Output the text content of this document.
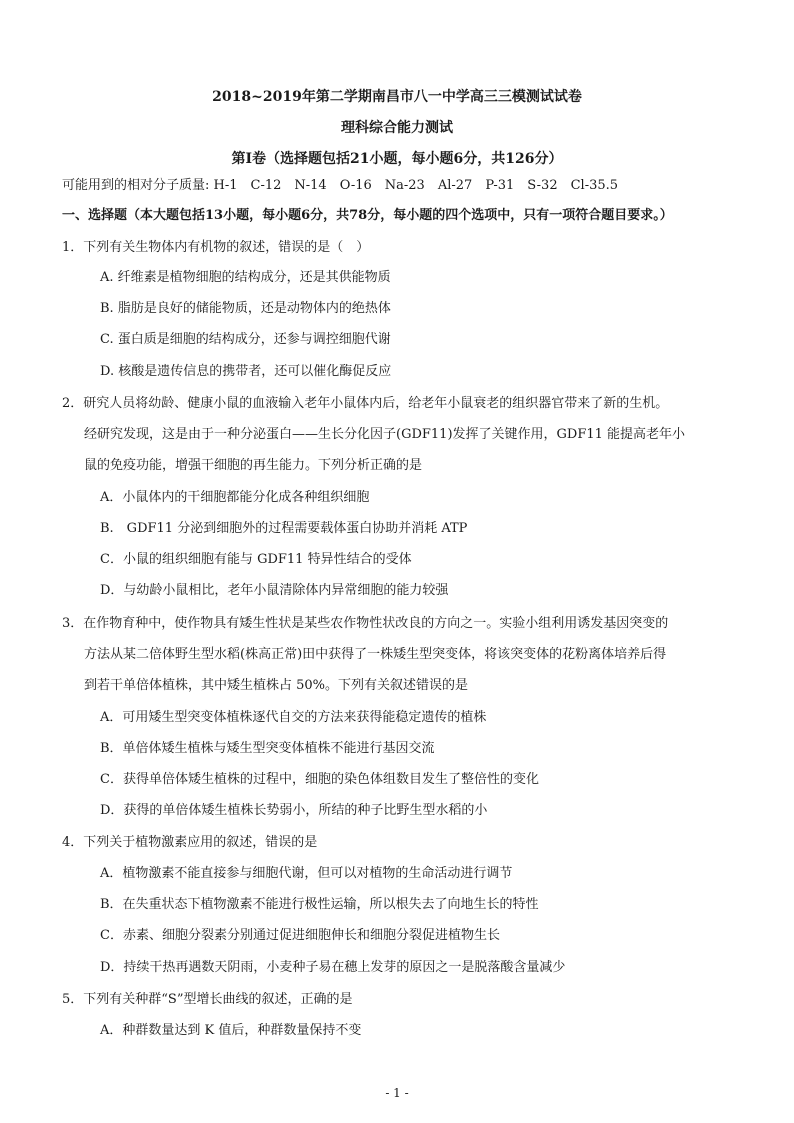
2018~2019年第二学期南昌市八一中学高三三模测试试卷
理科综合能力测试
第Ⅰ卷（选择题包括21小题，每小题6分，共126分）
可能用到的相对分子质量: H-1　C-12　N-14　O-16　Na-23　Al-27　P-31　S-32　Cl-35.5
一、选择题（本大题包括13小题，每小题6分，共78分，每小题的四个选项中，只有一项符合题目要求。）
1．下列有关生物体内有机物的叙述，错误的是（　）
A. 纤维素是植物细胞的结构成分，还是其供能物质
B. 脂肪是良好的储能物质，还是动物体内的绝热体
C. 蛋白质是细胞的结构成分，还参与调控细胞代谢
D. 核酸是遗传信息的携带者，还可以催化酶促反应
2．研究人员将幼龄、健康小鼠的血液输入老年小鼠体内后，给老年小鼠衰老的组织器官带来了新的生机。
经研究发现，这是由于一种分泌蛋白——生长分化因子(GDF11)发挥了关键作用，GDF11 能提高老年小
鼠的免疫功能，增强干细胞的再生能力。下列分析正确的是
A．小鼠体内的干细胞都能分化成各种组织细胞
B.　GDF11 分泌到细胞外的过程需要载体蛋白协助并消耗 ATP
C．小鼠的组织细胞有能与 GDF11 特异性结合的受体
D．与幼龄小鼠相比，老年小鼠清除体内异常细胞的能力较强
3．在作物育种中，使作物具有矮生性状是某些农作物性状改良的方向之一。实验小组利用诱发基因突变的
方法从某二倍体野生型水稻(株高正常)田中获得了一株矮生型突变体，将该突变体的花粉离体培养后得
到若干单倍体植株，其中矮生植株占 50%。下列有关叙述错误的是
A．可用矮生型突变体植株逐代自交的方法来获得能稳定遗传的植株
B．单倍体矮生植株与矮生型突变体植株不能进行基因交流
C．获得单倍体矮生植株的过程中，细胞的染色体组数目发生了整倍性的变化
D．获得的单倍体矮生植株长势弱小，所结的种子比野生型水稻的小
4．下列关于植物激素应用的叙述，错误的是
A．植物激素不能直接参与细胞代谢，但可以对植物的生命活动进行调节
B．在失重状态下植物激素不能进行极性运输，所以根失去了向地生长的特性
C．赤素、细胞分裂素分别通过促进细胞伸长和细胞分裂促进植物生长
D．持续干热再遇数天阴雨，小麦种子易在穗上发芽的原因之一是脱落酸含量减少
5．下列有关种群“S”型增长曲线的叙述，正确的是
A．种群数量达到 K 值后，种群数量保持不变
- 1 -
